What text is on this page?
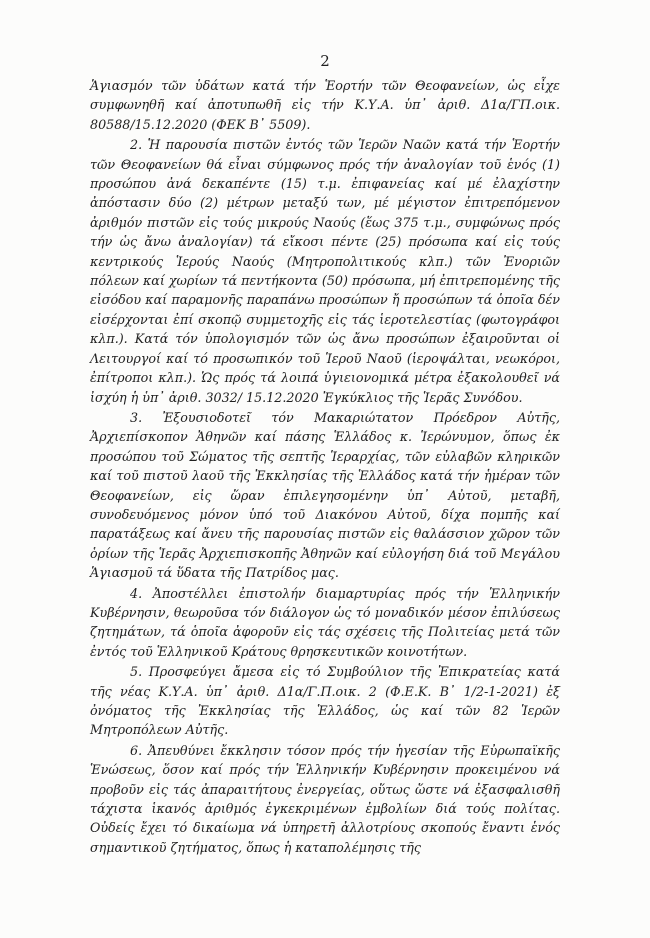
2

Ἁγιασμόν τῶν ὑδάτων κατά τήν Ἑορτήν τῶν Θεοφανείων, ὡς εἶχε συμφωνηθῆ καί ἀποτυπωθῆ εἰς τήν Κ.Υ.Α. ὑπ᾽ ἀριθ. Δ1α/ΓΠ.οικ. 80588/15.12.2020 (ΦΕΚ Β᾽ 5509).

2. Ἡ παρουσία πιστῶν ἐντός τῶν Ἱερῶν Ναῶν κατά τήν Ἑορτήν τῶν Θεοφανείων θά εἶναι σύμφωνος πρός τήν ἀναλογίαν τοῦ ἑνός (1) προσώπου ἀνά δεκαπέντε (15) τ.μ. ἐπιφανείας καί μέ ἐλαχίστην ἀπόστασιν δύο (2) μέτρων μεταξύ των, μέ μέγιστον ἐπιτρεπόμενον ἀριθμόν πιστῶν εἰς τούς μικρούς Ναούς (ἕως 375 τ.μ., συμφώνως πρός τήν ὡς ἄνω ἀναλογίαν) τά εἴκοσι πέντε (25) πρόσωπα καί εἰς τούς κεντρικούς Ἱερούς Ναούς (Μητροπολιτικούς κλπ.) τῶν Ἐνοριῶν πόλεων καί χωρίων τά πεντήκοντα (50) πρόσωπα, μή ἐπιτρεπομένης τῆς εἰσόδου καί παραμονῆς παραπάνω προσώπων ἤ προσώπων τά ὁποῖα δέν εἰσέρχονται ἐπί σκοπῷ συμμετοχῆς εἰς τάς ἱεροτελεστίας (φωτογράφοι κλπ.). Κατά τόν ὑπολογισμόν τῶν ὡς ἄνω προσώπων ἐξαιροῦνται οἱ Λειτουργοί καί τό προσωπικόν τοῦ Ἱεροῦ Ναοῦ (ἱεροψάλται, νεωκόροι, ἐπίτροποι κλπ.). Ὡς πρός τά λοιπά ὑγιειονομικά μέτρα ἐξακολουθεῖ νά ἰσχύη ἡ ὑπ᾽ ἀριθ. 3032/ 15.12.2020 Ἐγκύκλιος τῆς Ἱερᾶς Συνόδου.

3. Ἐξουσιοδοτεῖ τόν Μακαριώτατον Πρόεδρον Αὐτῆς, Ἀρχιεπίσκοπον Ἀθηνῶν καί πάσης Ἑλλάδος κ. Ἱερώνυμον, ὅπως ἐκ προσώπου τοῦ Σώματος τῆς σεπτῆς Ἱεραρχίας, τῶν εὐλαβῶν κληρικῶν καί τοῦ πιστοῦ λαοῦ τῆς Ἐκκλησίας τῆς Ἑλλάδος κατά τήν ἡμέραν τῶν Θεοφανείων, εἰς ὥραν ἐπιλεγησομένην ὑπ᾽ Αὐτοῦ, μεταβῆ, συνοδευόμενος μόνον ὑπό τοῦ Διακόνου Αὐτοῦ, δίχα πομπῆς καί παρατάξεως καί ἄνευ τῆς παρουσίας πιστῶν εἰς θαλάσσιον χῶρον τῶν ὁρίων τῆς Ἱερᾶς Ἀρχιεπισκοπῆς Ἀθηνῶν καί εὐλογήση διά τοῦ Μεγάλου Ἁγιασμοῦ τά ὕδατα τῆς Πατρίδος μας.

4. Ἀποστέλλει ἐπιστολήν διαμαρτυρίας πρός τήν Ἑλληνικήν Κυβέρνησιν, θεωροῦσα τόν διάλογον ὡς τό μοναδικόν μέσον ἐπιλύσεως ζητημάτων, τά ὁποῖα ἀφοροῦν εἰς τάς σχέσεις τῆς Πολιτείας μετά τῶν ἐντός τοῦ Ἑλληνικοῦ Κράτους θρησκευτικῶν κοινοτήτων.

5. Προσφεύγει ἄμεσα εἰς τό Συμβούλιον τῆς Ἐπικρατείας κατά τῆς νέας Κ.Υ.Α. ὑπ᾽ ἀριθ. Δ1α/Γ.Π.οικ. 2 (Φ.Ε.Κ. Β᾽ 1/2-1-2021) ἐξ ὀνόματος τῆς Ἐκκλησίας τῆς Ἑλλάδος, ὡς καί τῶν 82 Ἱερῶν Μητροπόλεων Αὐτῆς.

6. Ἀπευθύνει ἔκκλησιν τόσον πρός τήν ἡγεσίαν τῆς Εὐρωπαϊκῆς Ἑνώσεως, ὅσον καί πρός τήν Ἑλληνικήν Κυβέρνησιν προκειμένου νά προβοῦν εἰς τάς ἀπαραιτήτους ἐνεργείας, οὕτως ὥστε νά ἐξασφαλισθῆ τάχιστα ἱκανός ἀριθμός ἐγκεκριμένων ἐμβολίων διά τούς πολίτας. Οὐδείς ἔχει τό δικαίωμα νά ὑπηρετῆ ἀλλοτρίους σκοπούς ἔναντι ἑνός σημαντικοῦ ζητήματος, ὅπως ἡ καταπολέμησις τῆς
